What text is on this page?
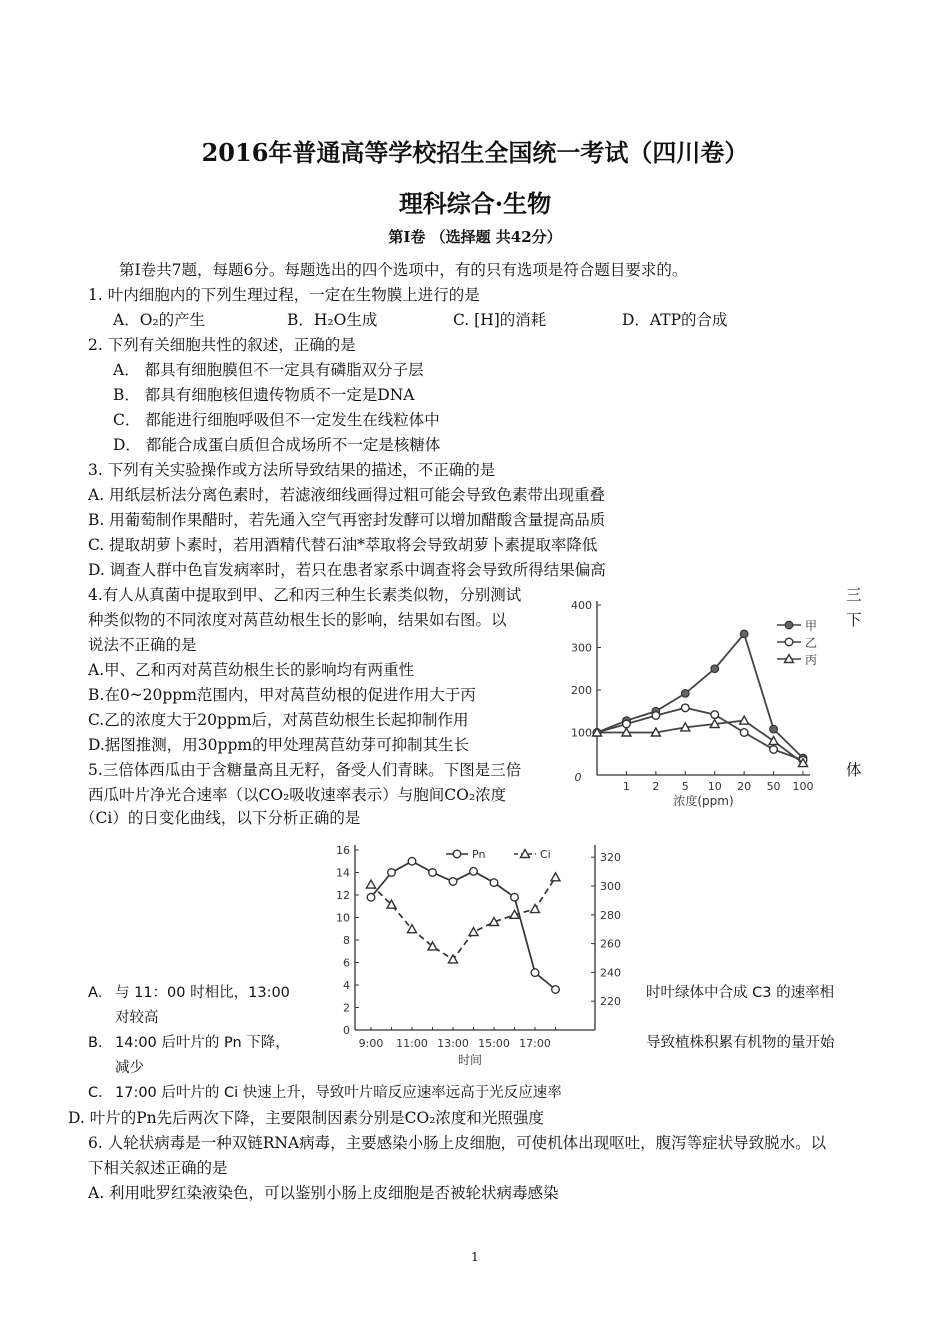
2016年普通高等学校招生全国统一考试（四川卷）
理科综合·生物
第Ⅰ卷 （选择题 共42分）
第Ⅰ卷共7题，每题6分。每题选出的四个选项中，有的只有选项是符合题目要求的。
1. 叶内细胞内的下列生理过程，一定在生物膜上进行的是
A．O₂的产生	B．H₂O生成	C. [H]的消耗	D．ATP的合成
2. 下列有关细胞共性的叙述，正确的是
A． 都具有细胞膜但不一定具有磷脂双分子层
B． 都具有细胞核但遗传物质不一定是DNA
C． 都能进行细胞呼吸但不一定发生在线粒体中
D． 都能合成蛋白质但合成场所不一定是核糖体
3. 下列有关实验操作或方法所导致结果的描述，不正确的是
A. 用纸层析法分离色素时，若滤液细线画得过粗可能会导致色素带出现重叠
B. 用葡萄制作果醋时，若先通入空气再密封发酵可以增加醋酸含量提高品质
C. 提取胡萝卜素时，若用酒精代替石油*萃取将会导致胡萝卜素提取率降低
D. 调查人群中色盲发病率时，若只在患者家系中调查将会导致所得结果偏高
4.有人从真菌中提取到甲、乙和丙三种生长素类似物，分别测试	三
种类似物的不同浓度对莴苣幼根生长的影响，结果如右图。以	下
说法不正确的是
A.甲、乙和丙对莴苣幼根生长的影响均有两重性
B.在0~20ppm范围内，甲对莴苣幼根的促进作用大于丙
C.乙的浓度大于20ppm后，对莴苣幼根生长起抑制作用
D.据图推测，用30ppm的甲处理莴苣幼芽可抑制其生长
100
200
300
400
0
1 2 5 10 20 50 100
浓度(ppm)
甲
乙
丙
5.三倍体西瓜由于含糖量高且无籽，备受人们青睐。下图是三倍	体
西瓜叶片净光合速率（以CO₂吸收速率表示）与胞间CO₂浓度
（Ci）的日变化曲线，以下分析正确的是
0
2
4
6
8
10
12
14
16
220
240
260
280
300
320
9:00 11:00 13:00 15:00 17:00
时间
Pn	Ci
A． 与 11：00 时相比，13:00	时叶绿体中合成 C3 的速率相
对较高
B． 14:00 后叶片的 Pn 下降，	导致植株积累有机物的量开始
减少
C． 17:00 后叶片的 Ci 快速上升，导致叶片暗反应速率远高于光反应速率
D. 叶片的Pn先后两次下降，主要限制因素分别是CO₂浓度和光照强度
6. 人轮状病毒是一种双链RNA病毒，主要感染小肠上皮细胞，可使机体出现呕吐，腹泻等症状导致脱水。以
下相关叙述正确的是
A. 利用吡罗红染液染色，可以鉴别小肠上皮细胞是否被轮状病毒感染
1
